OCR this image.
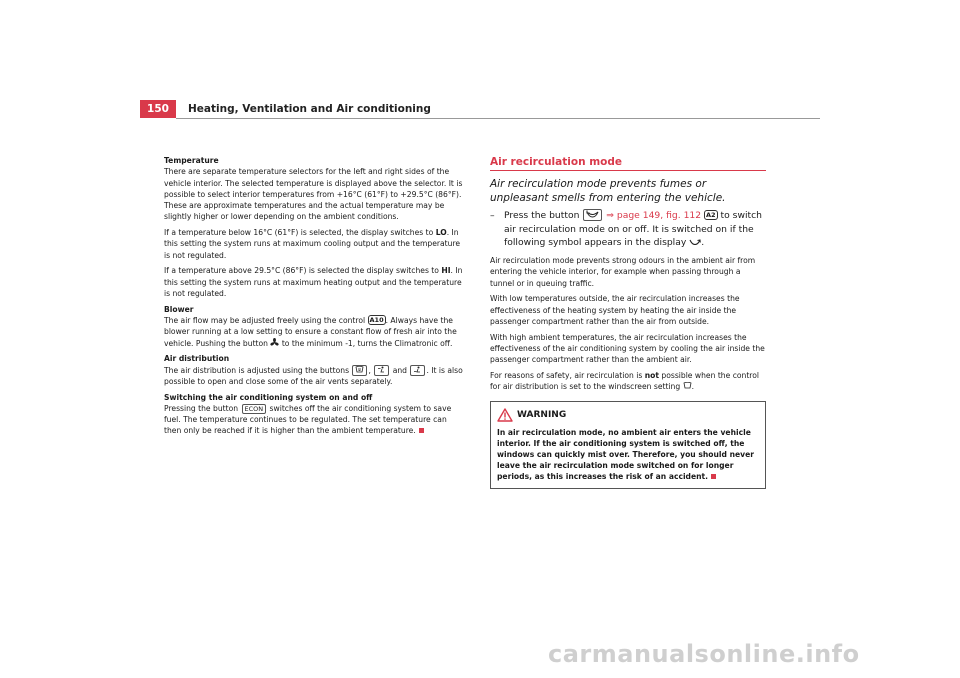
150	Heating, Ventilation and Air conditioning

Temperature
There are separate temperature selectors for the left and right sides of the vehicle interior. The selected temperature is displayed above the selector. It is possible to select interior temperatures from +16°C (61°F) to +29.5°C (86°F). These are approximate temperatures and the actual temperature may be slightly higher or lower depending on the ambient conditions.

If a temperature below 16°C (61°F) is selected, the display switches to LO. In this setting the system runs at maximum cooling output and the temperature is not regulated.

If a temperature above 29.5°C (86°F) is selected the display switches to HI. In this setting the system runs at maximum heating output and the temperature is not regulated.

Blower
The air flow may be adjusted freely using the control A10 . Always have the blower running at a low setting to ensure a constant flow of fresh air into the vehicle. Pushing the button to the minimum -1, turns the Climatronic off.

Air distribution
The air distribution is adjusted using the buttons	,	and	. It is also possible to open and close some of the air vents separately.

Switching the air conditioning system on and off
Pressing the button ECON switches off the air conditioning system to save fuel. The temperature continues to be regulated. The set temperature can then only be reached if it is higher than the ambient temperature.

Air recirculation mode

Air recirculation mode prevents fumes or unpleasant smells from entering the vehicle.

–	Press the button	⇒ page 149, fig. 112 A2 to switch air recirculation mode on or off. It is switched on if the following symbol appears in the display .

Air recirculation mode prevents strong odours in the ambient air from entering the vehicle interior, for example when passing through a tunnel or in queuing traffic.

With low temperatures outside, the air recirculation increases the effectiveness of the heating system by heating the air inside the passenger compartment rather than the air from outside.

With high ambient temperatures, the air recirculation increases the effectiveness of the air conditioning system by cooling the air inside the passenger compartment rather than the ambient air.

For reasons of safety, air recirculation is not possible when the control for air distribution is set to the windscreen setting .

WARNING
In air recirculation mode, no ambient air enters the vehicle interior. If the air conditioning system is switched off, the windows can quickly mist over. Therefore, you should never leave the air recirculation mode switched on for longer periods, as this increases the risk of an accident.
carmanualsonline.info
